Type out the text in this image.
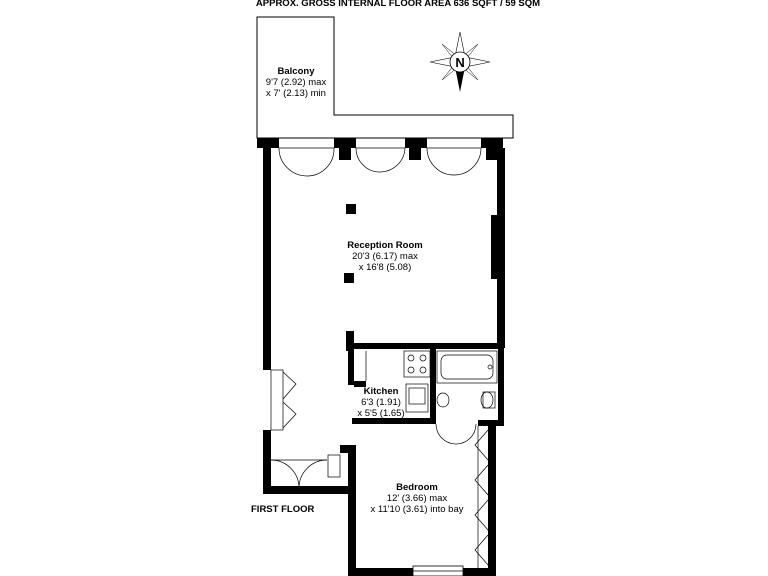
N
APPROX. GROSS INTERNAL FLOOR AREA 636 SQFT / 59 SQM
Balcony
9'7 (2.92) max
x 7' (2.13) min
Reception Room
20'3 (6.17) max
x 16'8 (5.08)
Kitchen
6'3 (1.91)
x 5'5 (1.65)
Bedroom
12' (3.66) max
x 11'10 (3.61) into bay
FIRST FLOOR
